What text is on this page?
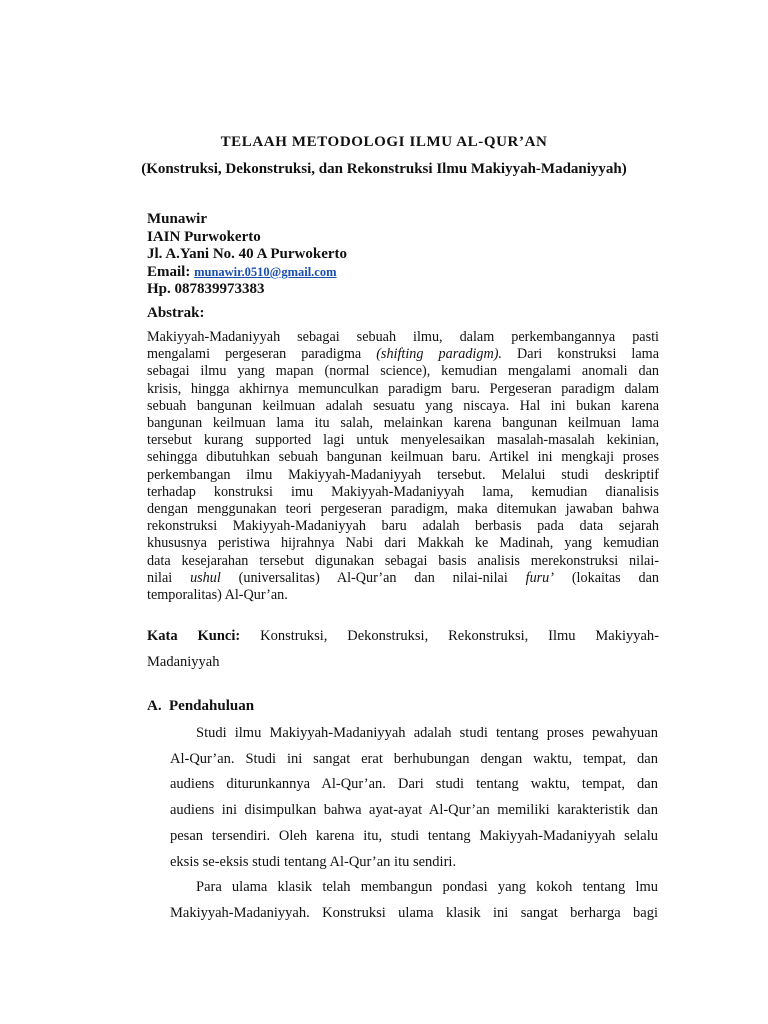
TELAAH METODOLOGI ILMU AL-QUR’AN
(Konstruksi, Dekonstruksi, dan Rekonstruksi Ilmu Makiyyah-Madaniyyah)
Munawir
IAIN Purwokerto
Jl. A.Yani No. 40 A Purwokerto
Email: munawir.0510@gmail.com
Hp. 087839973383
Abstrak:
Makiyyah-Madaniyyah sebagai sebuah ilmu, dalam perkembangannya pasti
mengalami pergeseran paradigma (shifting paradigm). Dari konstruksi lama
sebagai ilmu yang mapan (normal science), kemudian mengalami anomali dan
krisis, hingga akhirnya memunculkan paradigm baru. Pergeseran paradigm dalam
sebuah bangunan keilmuan adalah sesuatu yang niscaya. Hal ini bukan karena
bangunan keilmuan lama itu salah, melainkan karena bangunan keilmuan lama
tersebut kurang supported lagi untuk menyelesaikan masalah-masalah kekinian,
sehingga dibutuhkan sebuah bangunan keilmuan baru. Artikel ini mengkaji proses
perkembangan ilmu Makiyyah-Madaniyyah tersebut. Melalui studi deskriptif
terhadap konstruksi imu Makiyyah-Madaniyyah lama, kemudian dianalisis
dengan menggunakan teori pergeseran paradigm, maka ditemukan jawaban bahwa
rekonstruksi Makiyyah-Madaniyyah baru adalah berbasis pada data sejarah
khususnya peristiwa hijrahnya Nabi dari Makkah ke Madinah, yang kemudian
data kesejarahan tersebut digunakan sebagai basis analisis merekonstruksi nilai-
nilai ushul (universalitas) Al-Qur’an dan nilai-nilai furu’ (lokaitas dan
temporalitas) Al-Qur’an.
Kata Kunci: Konstruksi, Dekonstruksi, Rekonstruksi, Ilmu Makiyyah-
Madaniyyah
A. Pendahuluan
Studi ilmu Makiyyah-Madaniyyah adalah studi tentang proses pewahyuan
Al-Qur’an. Studi ini sangat erat berhubungan dengan waktu, tempat, dan
audiens diturunkannya Al-Qur’an. Dari studi tentang waktu, tempat, dan
audiens ini disimpulkan bahwa ayat-ayat Al-Qur’an memiliki karakteristik dan
pesan tersendiri. Oleh karena itu, studi tentang Makiyyah-Madaniyyah selalu
eksis se-eksis studi tentang Al-Qur’an itu sendiri.
Para ulama klasik telah membangun pondasi yang kokoh tentang lmu
Makiyyah-Madaniyyah. Konstruksi ulama klasik ini sangat berharga bagi
